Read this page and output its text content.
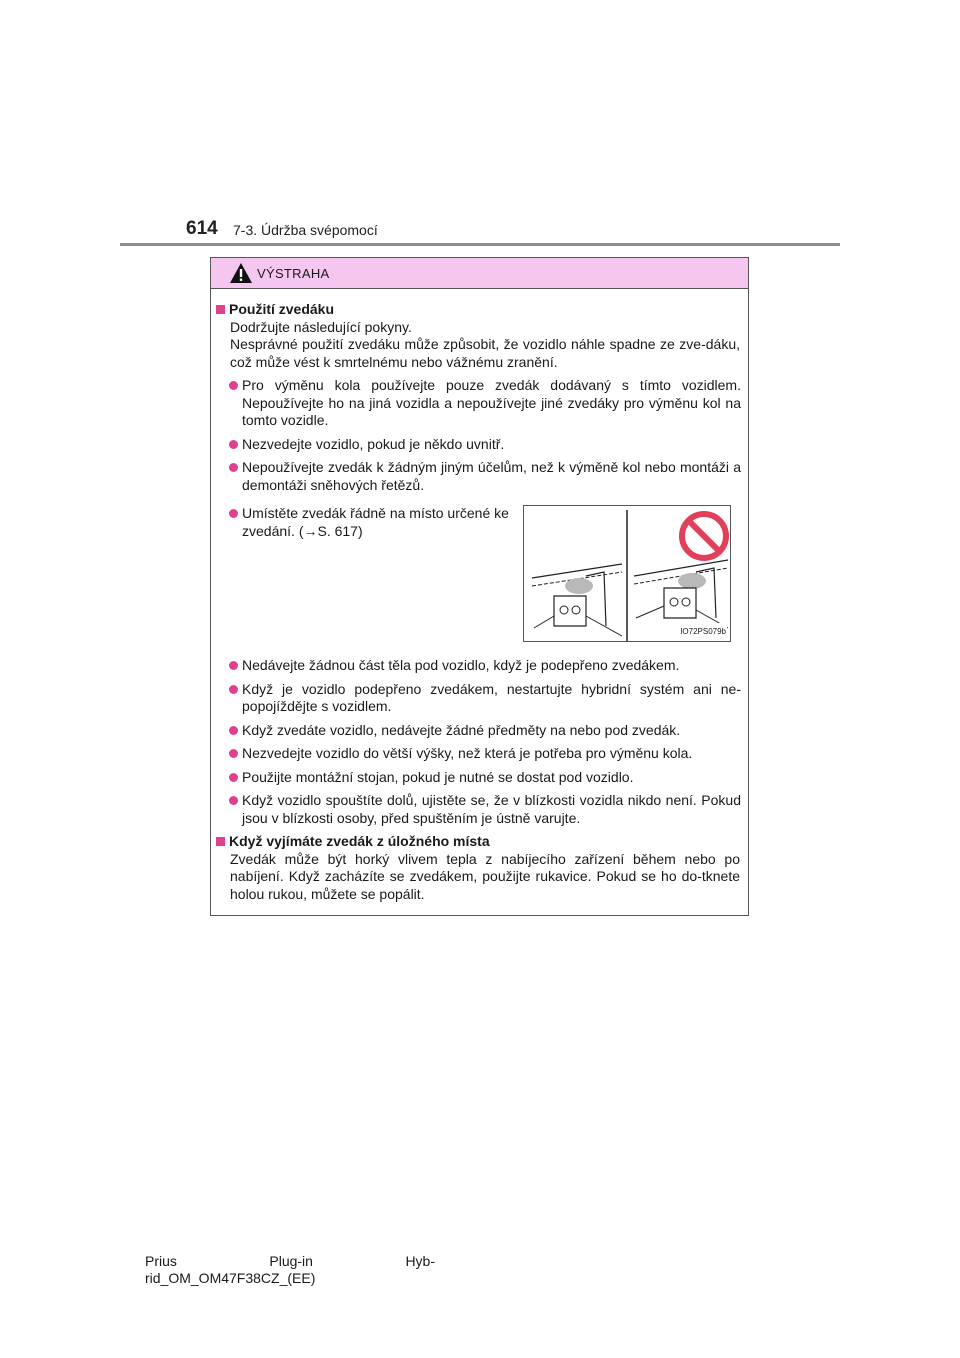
614 7-3. Údržba svépomocí
VÝSTRAHA
Použití zvedáku
Dodržujte následující pokyny.
Nesprávné použití zvedáku může způsobit, že vozidlo náhle spadne ze zve-dáku, což může vést k smrtelnému nebo vážnému zranění.
Pro výměnu kola používejte pouze zvedák dodávaný s tímto vozidlem. Nepoužívejte ho na jiná vozidla a nepoužívejte jiné zvedáky pro výměnu kol na tomto vozidle.
Nezvedejte vozidlo, pokud je někdo uvnitř.
Nepoužívejte zvedák k žádným jiným účelům, než k výměně kol nebo montáži a demontáži sněhových řetězů.
Umístěte zvedák řádně na místo určené ke zvedání. (→S. 617)
IO72PS079b
Nedávejte žádnou část těla pod vozidlo, když je podepřeno zvedákem.
Když je vozidlo podepřeno zvedákem, nestartujte hybridní systém ani ne-popojíždějte s vozidlem.
Když zvedáte vozidlo, nedávejte žádné předměty na nebo pod zvedák.
Nezvedejte vozidlo do větší výšky, než která je potřeba pro výměnu kola.
Použijte montážní stojan, pokud je nutné se dostat pod vozidlo.
Když vozidlo spouštíte dolů, ujistěte se, že v blízkosti vozidla nikdo není. Pokud jsou v blízkosti osoby, před spuštěním je ústně varujte.
Když vyjímáte zvedák z úložného místa
Zvedák může být horký vlivem tepla z nabíjecího zařízení během nebo po nabíjení. Když zacházíte se zvedákem, použijte rukavice. Pokud se ho do-tknete holou rukou, můžete se popálit.
Prius	Plug-in	Hyb-
rid_OM_OM47F38CZ_(EE)
